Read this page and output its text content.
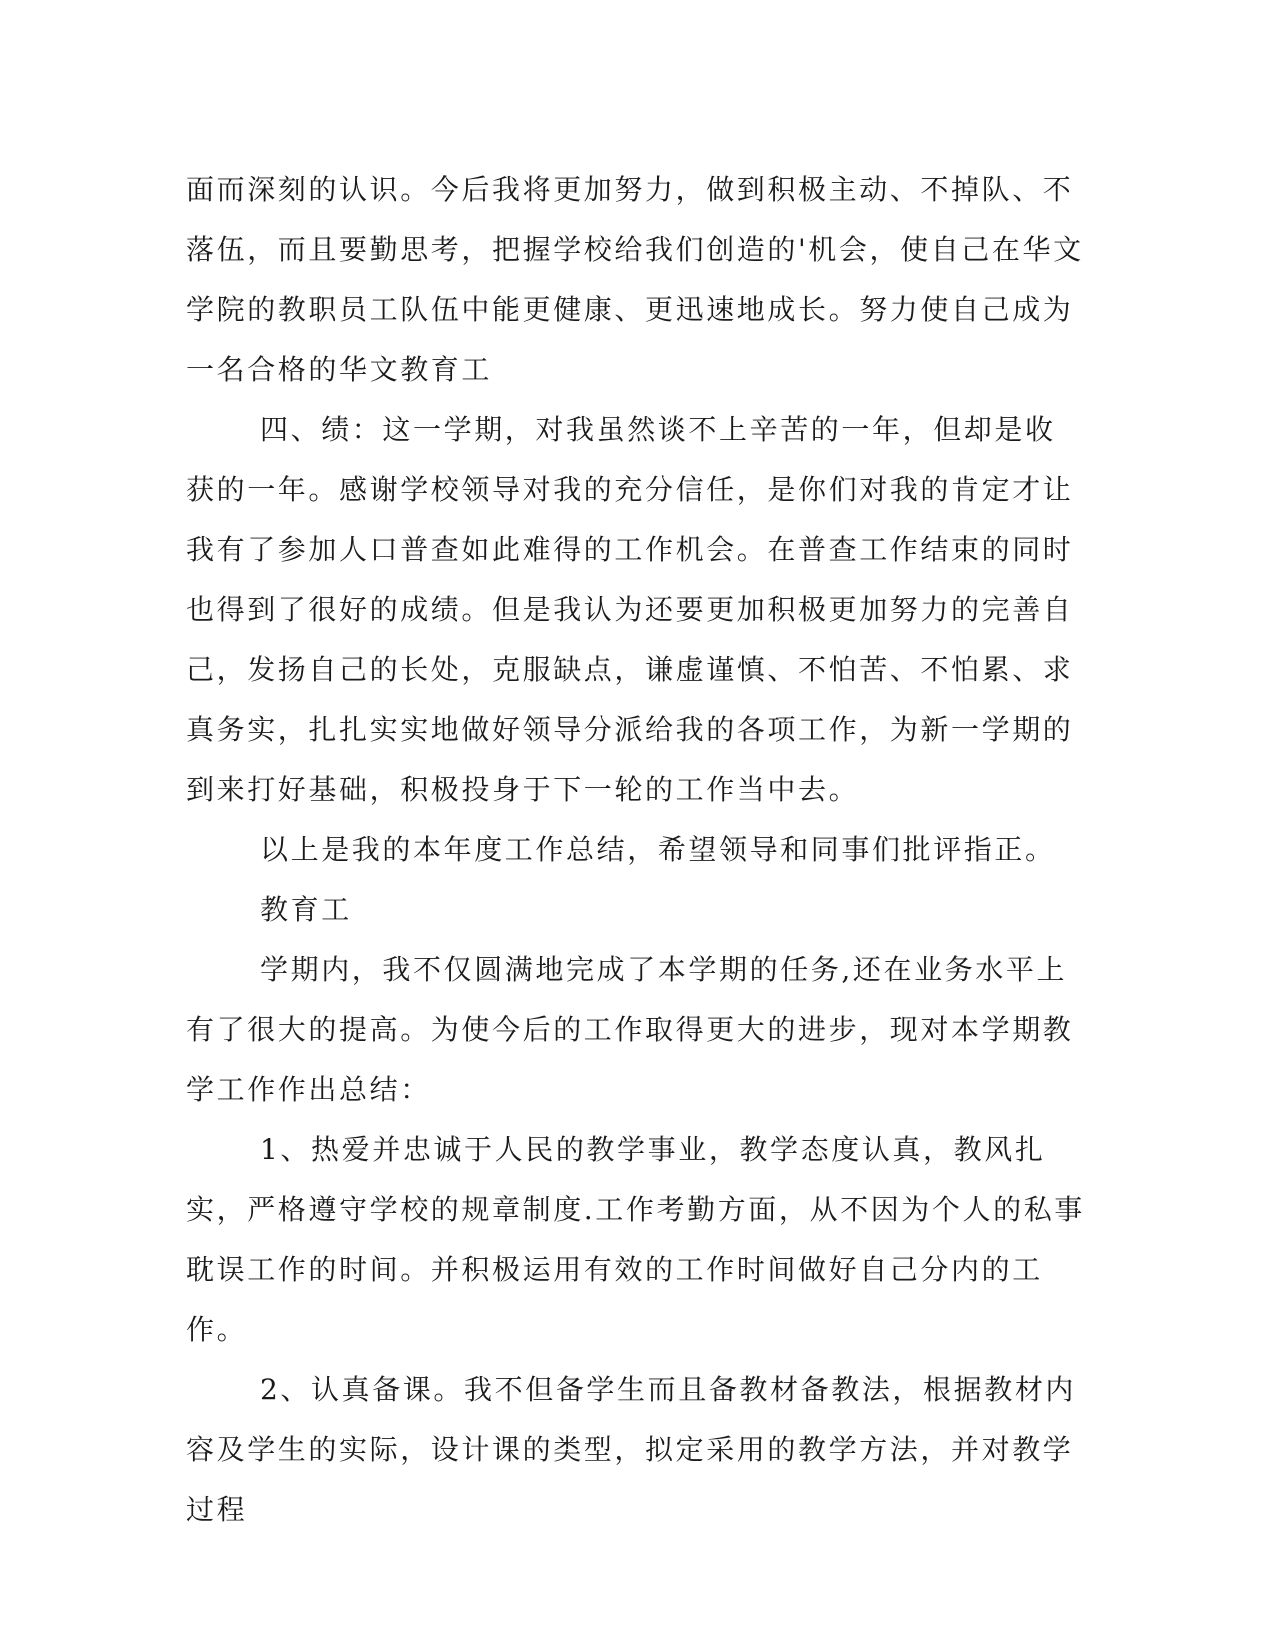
面而深刻的认识。今后我将更加努力，做到积极主动、不掉队、不落伍，而且要勤思考，把握学校给我们创造的'机会，使自己在华文学院的教职员工队伍中能更健康、更迅速地成长。努力使自己成为一名合格的华文教育工

四、绩：这一学期，对我虽然谈不上辛苦的一年，但却是收获的一年。感谢学校领导对我的充分信任，是你们对我的肯定才让我有了参加人口普查如此难得的工作机会。在普查工作结束的同时也得到了很好的成绩。但是我认为还要更加积极更加努力的完善自己，发扬自己的长处，克服缺点，谦虚谨慎、不怕苦、不怕累、求真务实，扎扎实实地做好领导分派给我的各项工作，为新一学期的到来打好基础，积极投身于下一轮的工作当中去。

以上是我的本年度工作总结，希望领导和同事们批评指正。

教育工

学期内，我不仅圆满地完成了本学期的任务,还在业务水平上有了很大的提高。为使今后的工作取得更大的进步，现对本学期教学工作作出总结：

1、热爱并忠诚于人民的教学事业，教学态度认真，教风扎实，严格遵守学校的规章制度.工作考勤方面，从不因为个人的私事耽误工作的时间。并积极运用有效的工作时间做好自己分内的工作。

2、认真备课。我不但备学生而且备教材备教法，根据教材内容及学生的实际，设计课的类型，拟定采用的教学方法，并对教学过程
